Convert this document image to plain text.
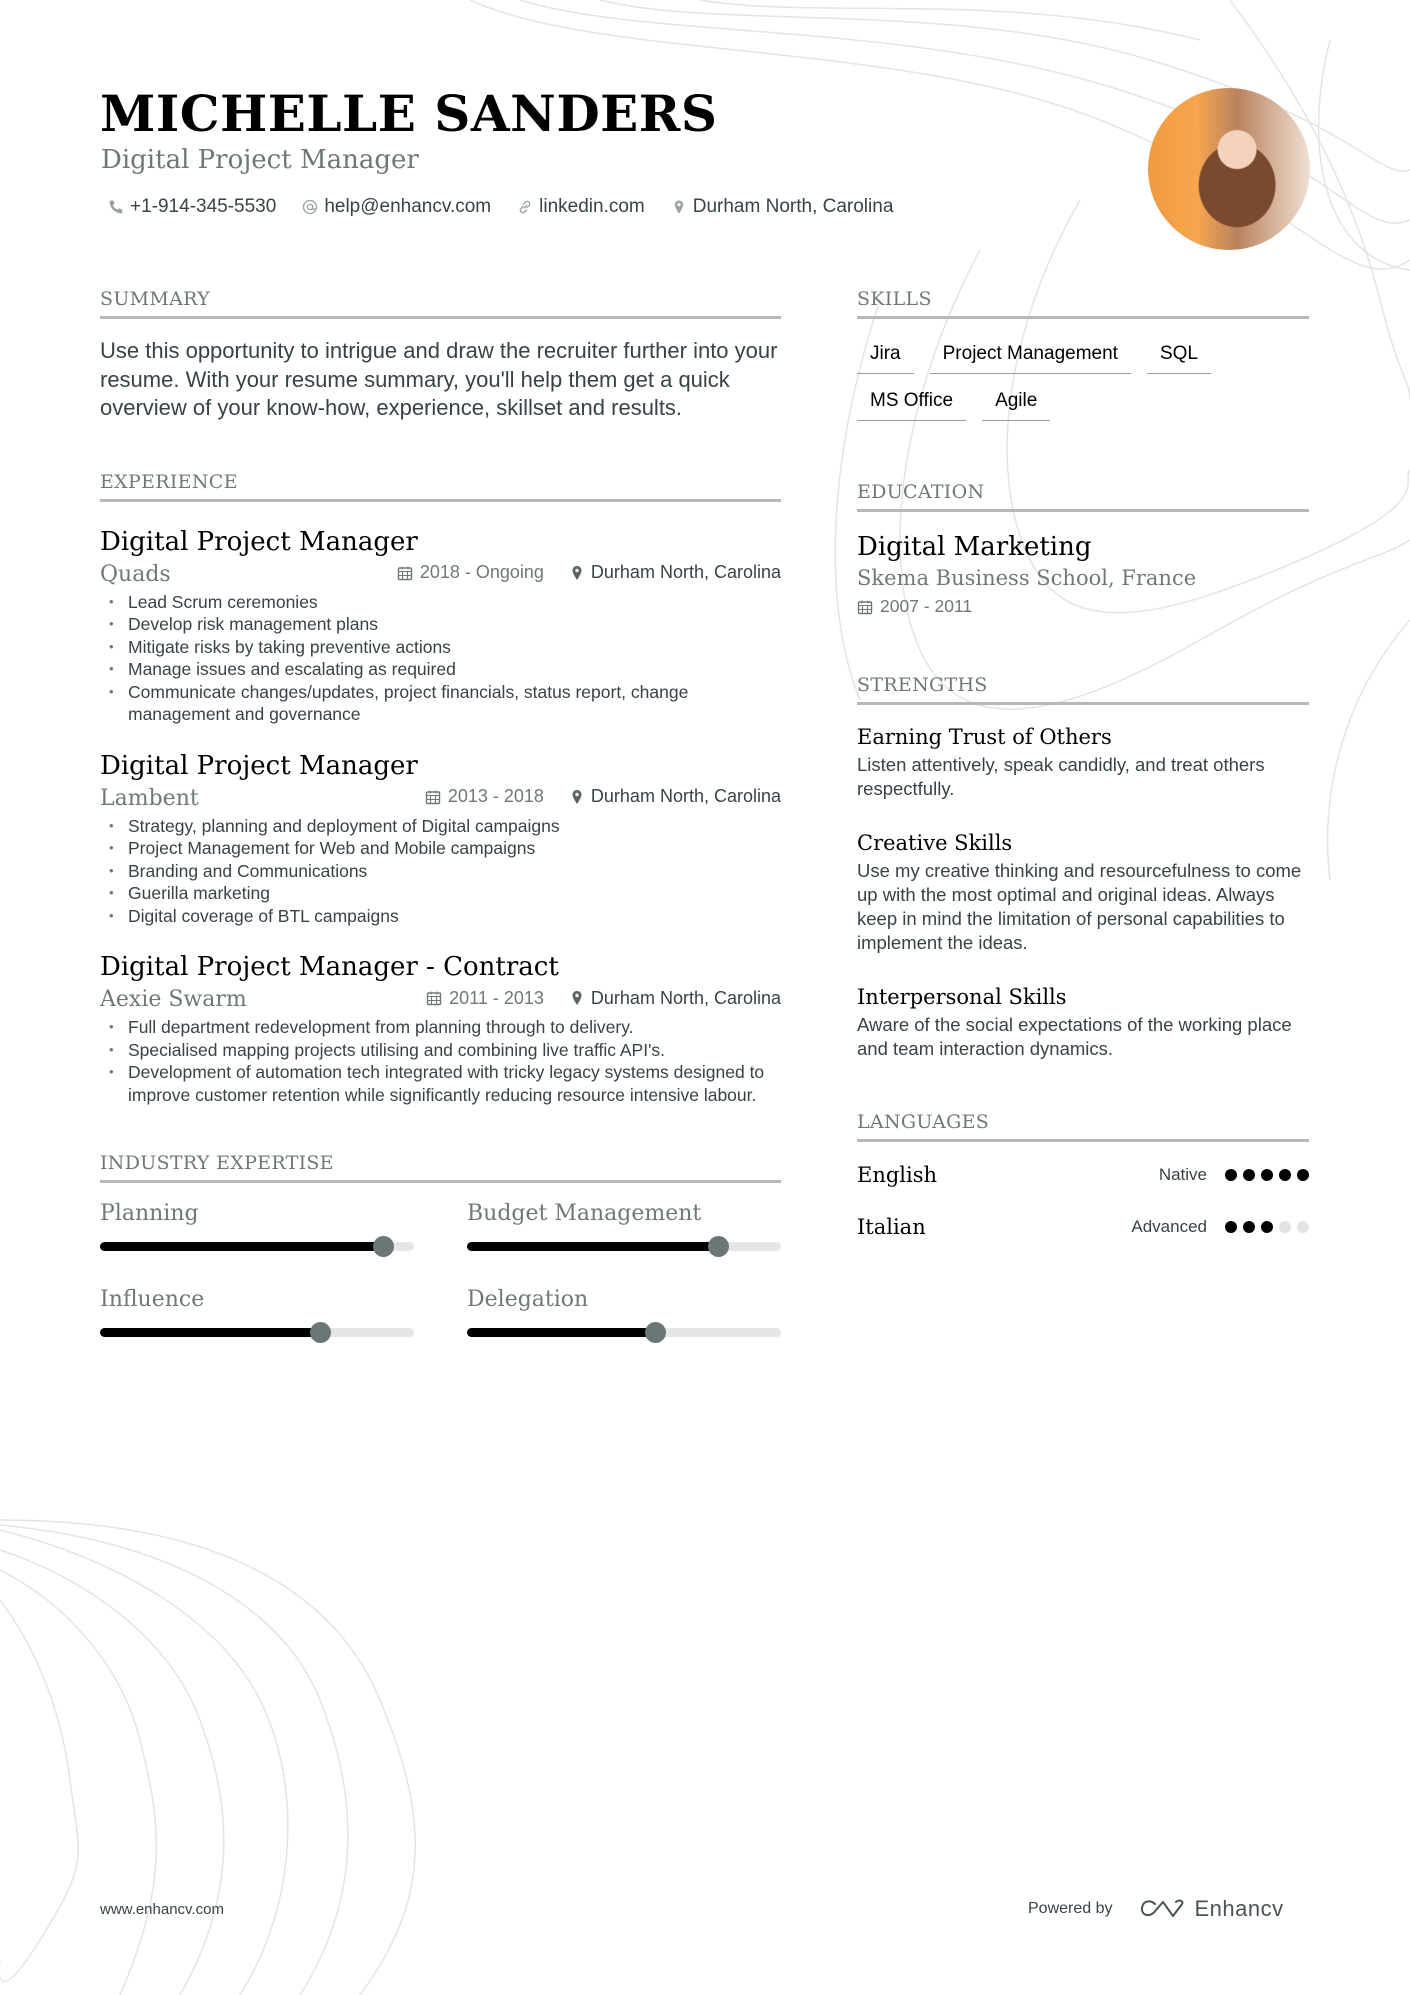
MICHELLE SANDERS
Digital Project Manager
+1-914-345-5530	help@enhancv.com	linkedin.com	Durham North, Carolina
SUMMARY

Use this opportunity to intrigue and draw the recruiter further into your resume. With your resume summary, you'll help them get a quick overview of your know-how, experience, skillset and results.

EXPERIENCE
Digital Project Manager
Quads	2018 - Ongoing	Durham North, Carolina
• Lead Scrum ceremonies
• Develop risk management plans
• Mitigate risks by taking preventive actions
• Manage issues and escalating as required
• Communicate changes/updates, project financials, status report, change management and governance
Digital Project Manager
Lambent	2013 - 2018	Durham North, Carolina
• Strategy, planning and deployment of Digital campaigns
• Project Management for Web and Mobile campaigns
• Branding and Communications
• Guerilla marketing
• Digital coverage of BTL campaigns
Digital Project Manager - Contract
Aexie Swarm	2011 - 2013	Durham North, Carolina
• Full department redevelopment from planning through to delivery.
• Specialised mapping projects utilising and combining live traffic API's.
• Development of automation tech integrated with tricky legacy systems designed to improve customer retention while significantly reducing resource intensive labour.
INDUSTRY EXPERTISE
Planning	Budget Management
Influence	Delegation
SKILLS
Jira	Project Management	SQL
MS Office	Agile
EDUCATION
Digital Marketing
Skema Business School, France
2007 - 2011
STRENGTHS
Earning Trust of Others
Listen attentively, speak candidly, and treat others respectfully.
Creative Skills
Use my creative thinking and resourcefulness to come up with the most optimal and original ideas. Always keep in mind the limitation of personal capabilities to implement the ideas.
Interpersonal Skills
Aware of the social expectations of the working place and team interaction dynamics.
LANGUAGES
English	Native
Italian	Advanced
www.enhancv.com	Powered by	Enhancv
